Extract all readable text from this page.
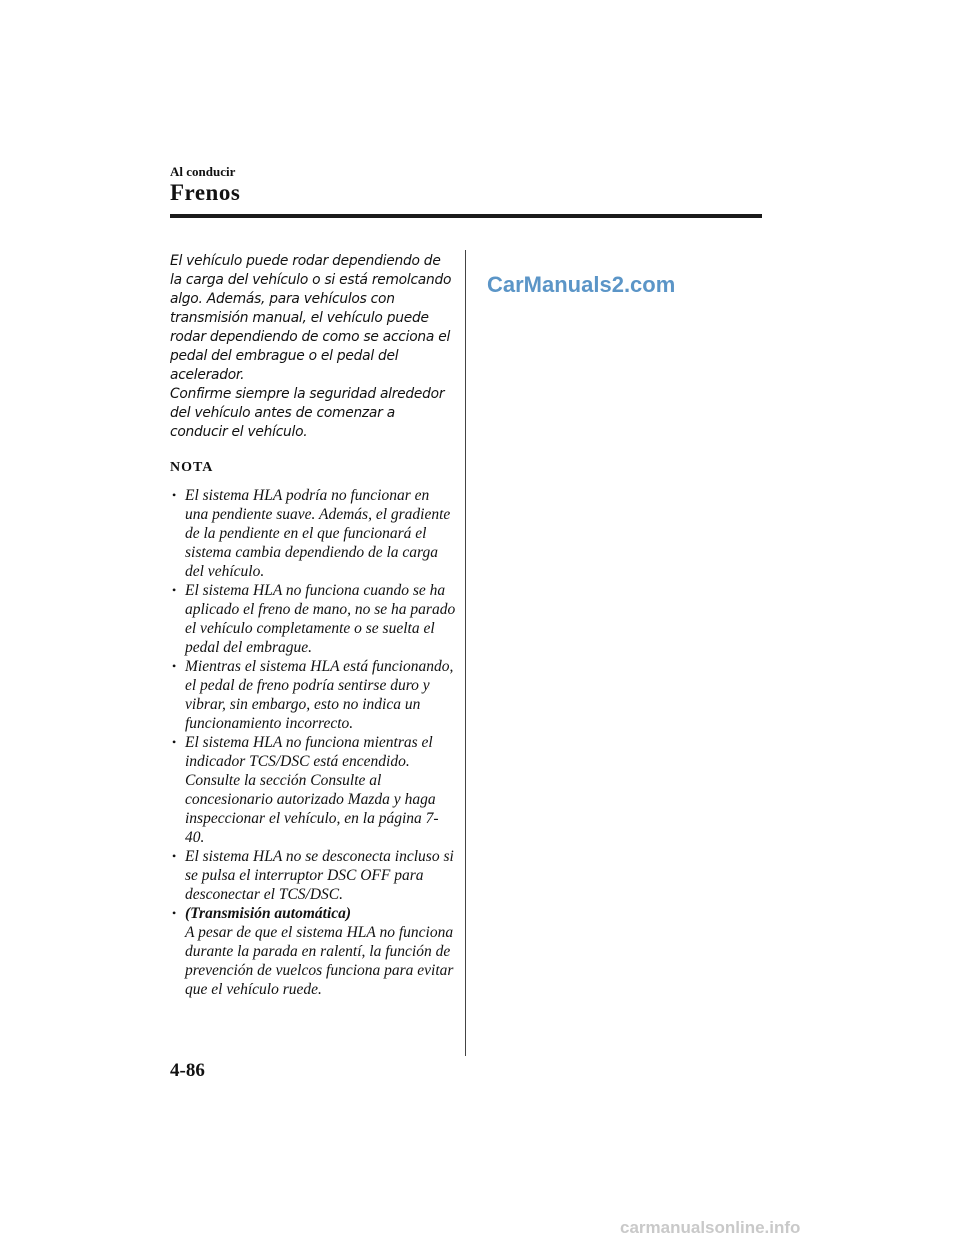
Al conducir
Frenos

El vehículo puede rodar dependiendo de la carga del vehículo o si está remolcando algo. Además, para vehículos con transmisión manual, el vehículo puede rodar dependiendo de como se acciona el pedal del embrague o el pedal del acelerador.

Confirme siempre la seguridad alrededor del vehículo antes de comenzar a conducir el vehículo.

NOTA
• El sistema HLA podría no funcionar en una pendiente suave. Además, el gradiente de la pendiente en el que funcionará el sistema cambia dependiendo de la carga del vehículo.
• El sistema HLA no funciona cuando se ha aplicado el freno de mano, no se ha parado el vehículo completamente o se suelta el pedal del embrague.
• Mientras el sistema HLA está funcionando, el pedal de freno podría sentirse duro y vibrar, sin embargo, esto no indica un funcionamiento incorrecto.
• El sistema HLA no funciona mientras el indicador TCS/DSC está encendido. Consulte la sección Consulte al concesionario autorizado Mazda y haga inspeccionar el vehículo, en la página 7-40.
• El sistema HLA no se desconecta incluso si se pulsa el interruptor DSC OFF para desconectar el TCS/DSC.
• (Transmisión automática)
A pesar de que el sistema HLA no funciona durante la parada en ralentí, la función de prevención de vuelcos funciona para evitar que el vehículo ruede.
CarManuals2.com
4-86
carmanualsonline.info
